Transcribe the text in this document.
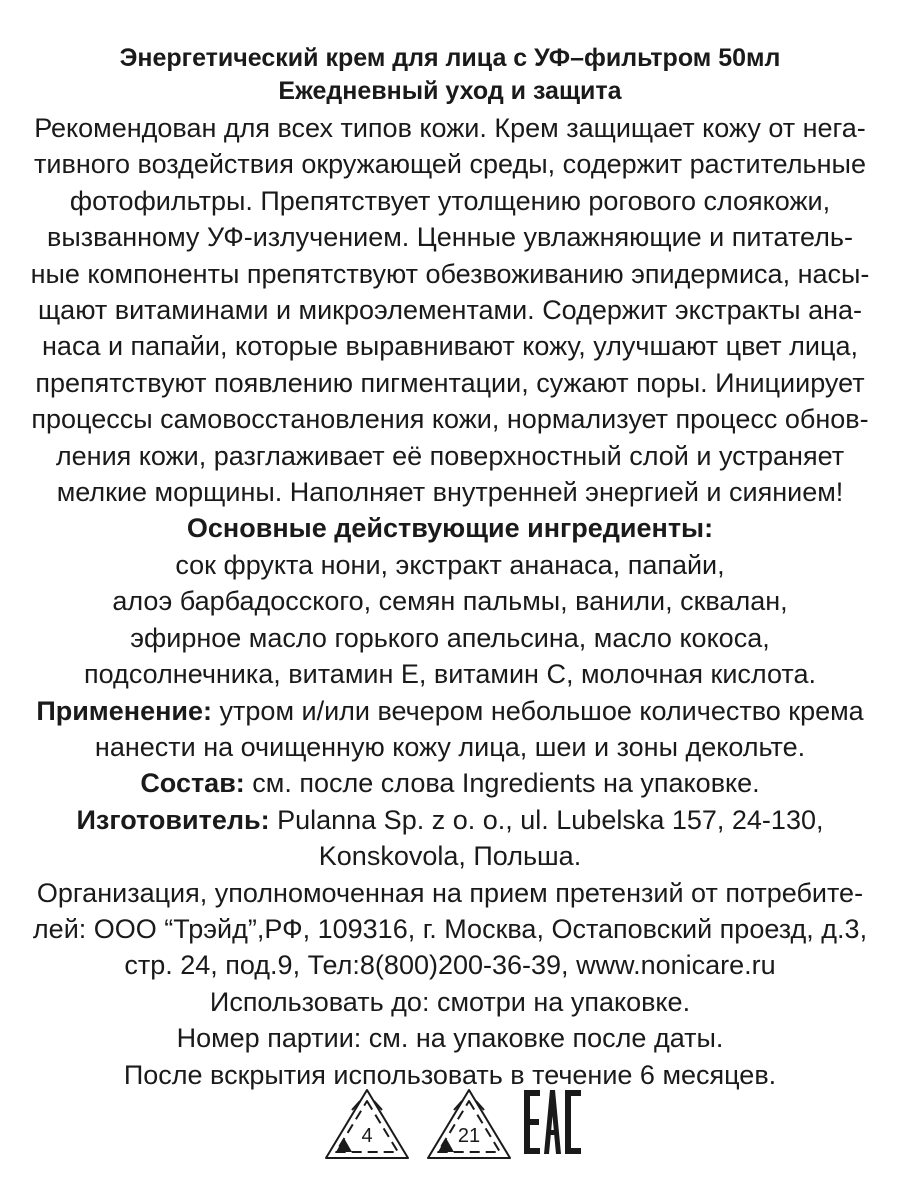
Энергетический крем для лица с УФ–фильтром 50мл
Ежедневный уход и защита
Рекомендован для всех типов кожи. Крем защищает кожу от нега-
тивного воздействия окружающей среды, содержит растительные
фотофильтры. Препятствует утолщению рогового слоякожи,
вызванному УФ-излучением. Ценные увлажняющие и питатель-
ные компоненты препятствуют обезвоживанию эпидермиса, насы-
щают витаминами и микроэлементами. Содержит экстракты ана-
наса и папайи, которые выравнивают кожу, улучшают цвет лица,
препятствуют появлению пигментации, сужают поры. Инициирует
процессы самовосстановления кожи, нормализует процесс обнов-
ления кожи, разглаживает её поверхностный слой и устраняет
мелкие морщины. Наполняет внутренней энергией и сиянием!
Основные действующие ингредиенты:
сок фрукта нони, экстракт ананаса, папайи,
алоэ барбадосского, семян пальмы, ванили, сквалан,
эфирное масло горького апельсина, масло кокоса,
подсолнечника, витамин Е, витамин С, молочная кислота.
Применение: утром и/или вечером небольшое количество крема
нанести на очищенную кожу лица, шеи и зоны декольте.
Состав: см. после слова Ingredients на упаковке.
Изготовитель: Pulanna Sp. z o. o., ul. Lubelska 157, 24-130,
Konskovola, Польша.
Организация, уполномоченная на прием претензий от потребите-
лей: ООО “Трэйд”,РФ, 109316, г. Москва, Остаповский проезд, д.3,
стр. 24, под.9, Тел:8(800)200-36-39, www.nonicare.ru
Использовать до: смотри на упаковке.
Номер партии: см. на упаковке после даты.
После вскрытия использовать в течение 6 месяцев.
4	21
